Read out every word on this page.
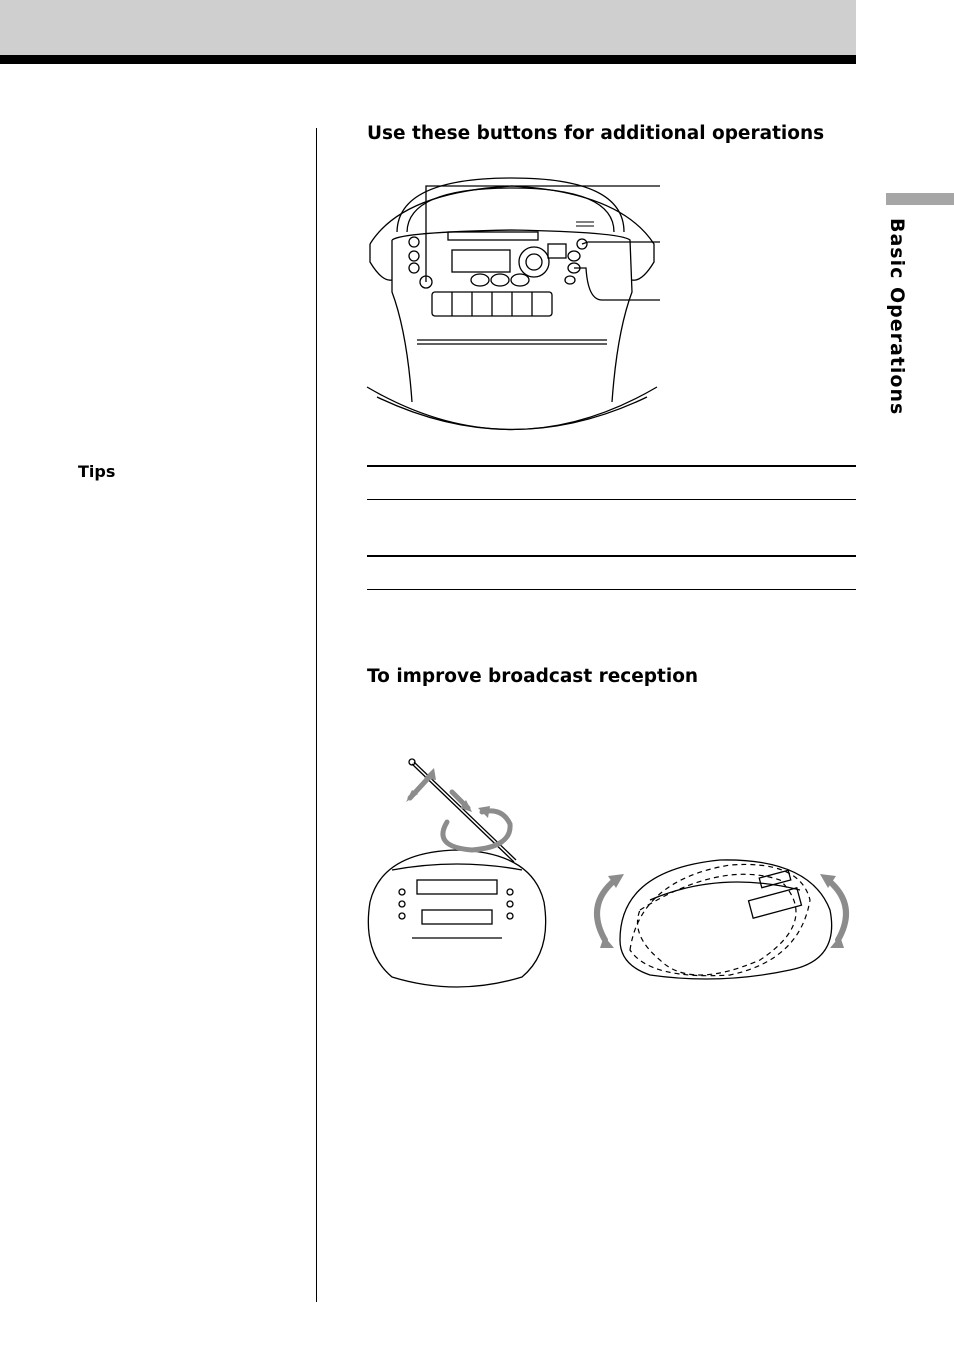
Basic Operations
Tips
Use these buttons for additional operations
To improve broadcast reception
